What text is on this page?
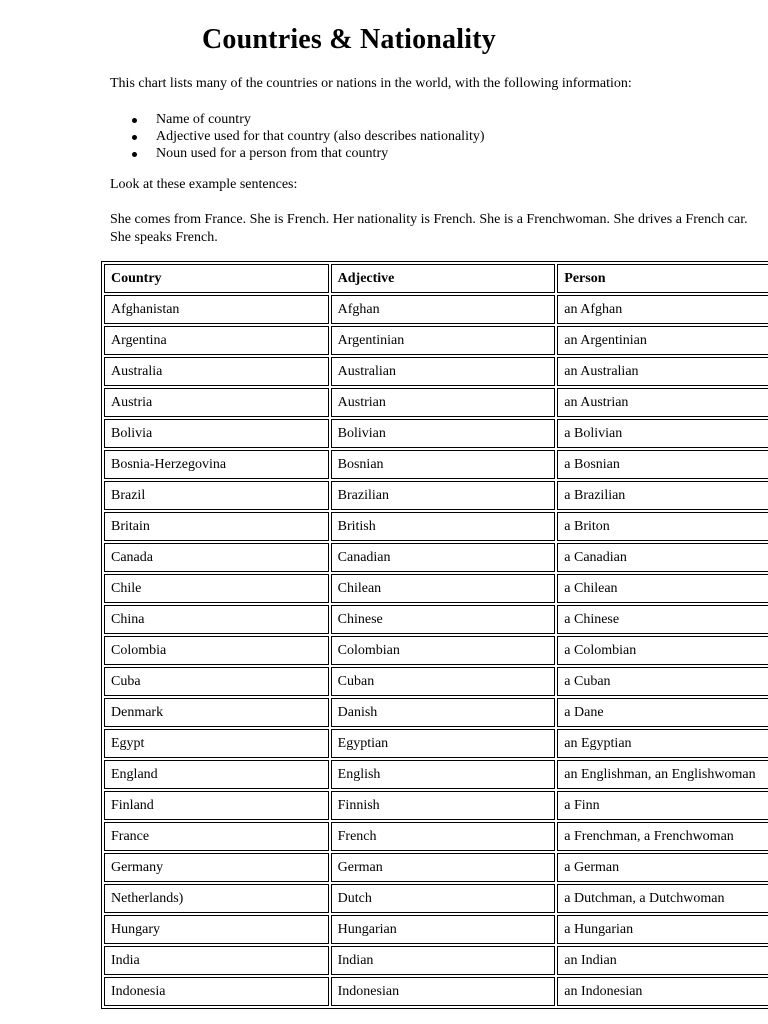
Countries & Nationality
This chart lists many of the countries or nations in the world, with the following information:
Name of country
Adjective used for that country (also describes nationality)
Noun used for a person from that country
Look at these example sentences:
She comes from France. She is French. Her nationality is French. She is a Frenchwoman. She drives a French car. She speaks French.
Country	Adjective	Person
Afghanistan	Afghan	an Afghan
Argentina	Argentinian	an Argentinian
Australia	Australian	an Australian
Austria	Austrian	an Austrian
Bolivia	Bolivian	a Bolivian
Bosnia-Herzegovina	Bosnian	a Bosnian
Brazil	Brazilian	a Brazilian
Britain	British	a Briton
Canada	Canadian	a Canadian
Chile	Chilean	a Chilean
China	Chinese	a Chinese
Colombia	Colombian	a Colombian
Cuba	Cuban	a Cuban
Denmark	Danish	a Dane
Egypt	Egyptian	an Egyptian
England	English	an Englishman, an Englishwoman
Finland	Finnish	a Finn
France	French	a Frenchman, a Frenchwoman
Germany	German	a German
Netherlands)	Dutch	a Dutchman, a Dutchwoman
Hungary	Hungarian	a Hungarian
India	Indian	an Indian
Indonesia	Indonesian	an Indonesian
